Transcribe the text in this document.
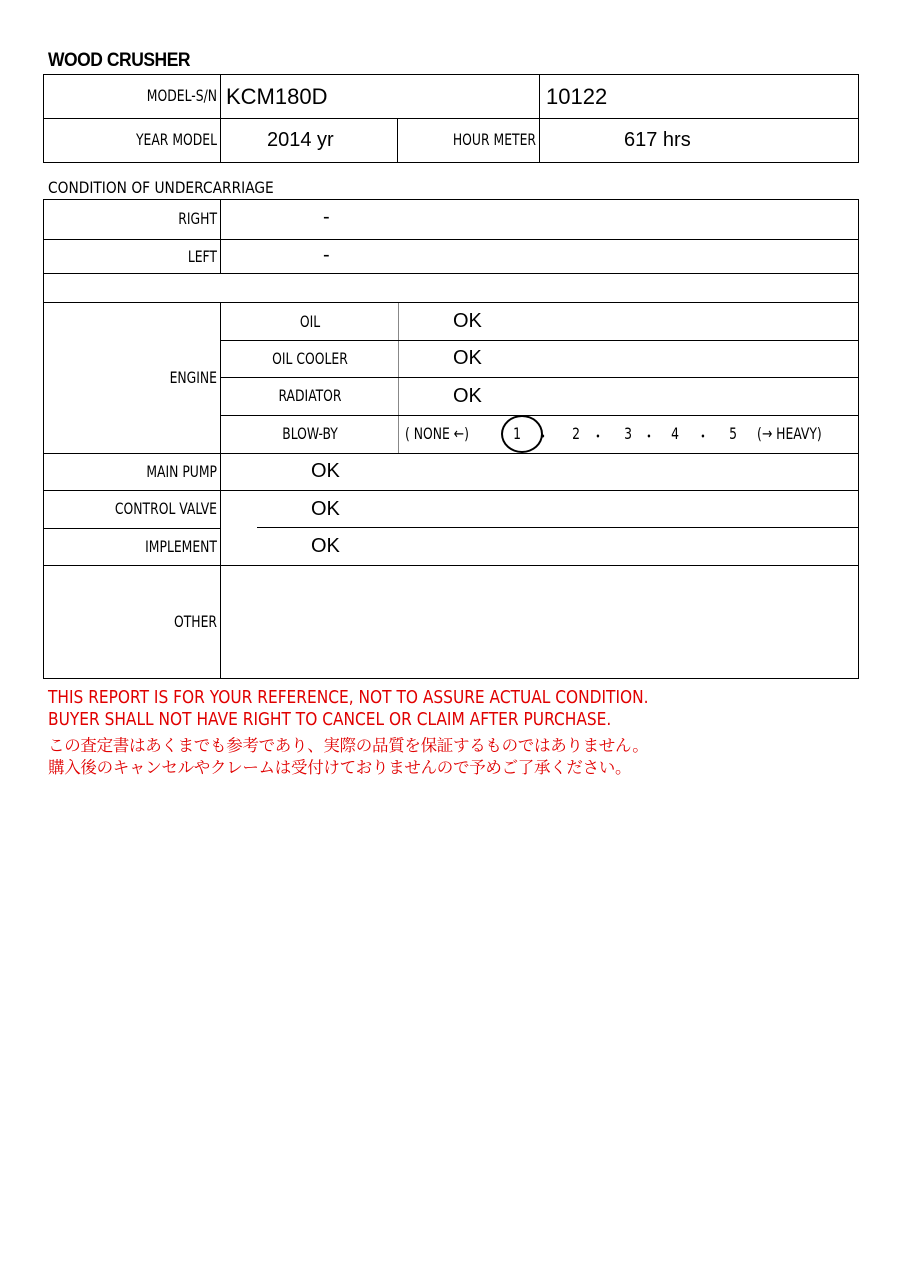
WOOD CRUSHER
MODEL-S/N KCM180D	10122
YEAR MODEL	2014 yr	HOUR METER	617 hrs
CONDITION OF UNDERCARRIAGE
RIGHT	-
LEFT	-
ENGINE
OIL	OK
OIL COOLER	OK
RADIATOR	OK
BLOW-BY	( NONE ←)	1 ･ 2 ･ 3 ･ 4 ･ 5 (→ HEAVY)
MAIN PUMP	OK
CONTROL VALVE	OK
IMPLEMENT	OK
OTHER
THIS REPORT IS FOR YOUR REFERENCE, NOT TO ASSURE ACTUAL CONDITION.
BUYER SHALL NOT HAVE RIGHT TO CANCEL OR CLAIM AFTER PURCHASE.
この査定書はあくまでも参考であり、実際の品質を保証するものではありません。
購入後のキャンセルやクレームは受付けておりませんので予めご了承ください。
